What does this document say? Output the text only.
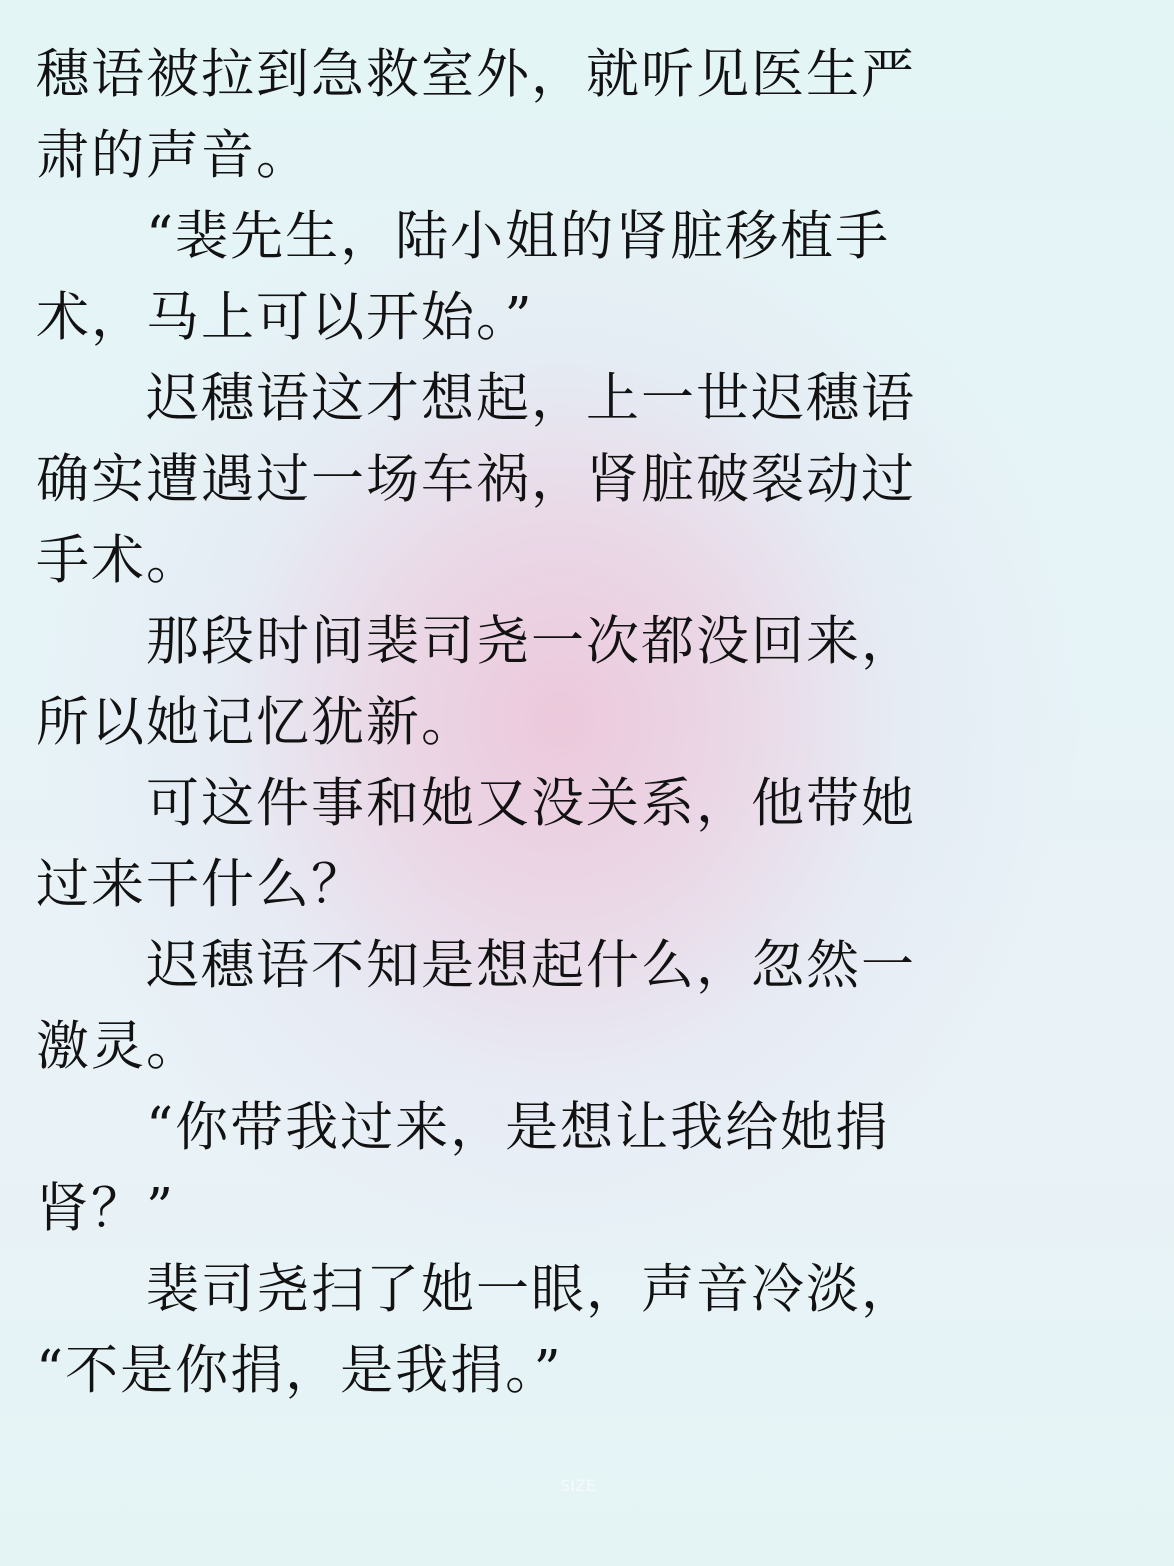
穗语被拉到急救室外，就听见医生严
肃的声音。
　　“裴先生，陆小姐的肾脏移植手
术，马上可以开始。”
　　迟穗语这才想起，上一世迟穗语
确实遭遇过一场车祸，肾脏破裂动过
手术。
　　那段时间裴司尧一次都没回来，
所以她记忆犹新。
　　可这件事和她又没关系，他带她
过来干什么？
　　迟穗语不知是想起什么，忽然一
激灵。
　　“你带我过来，是想让我给她捐
肾？”
　　裴司尧扫了她一眼，声音冷淡，
“不是你捐，是我捐。”
SIZE
